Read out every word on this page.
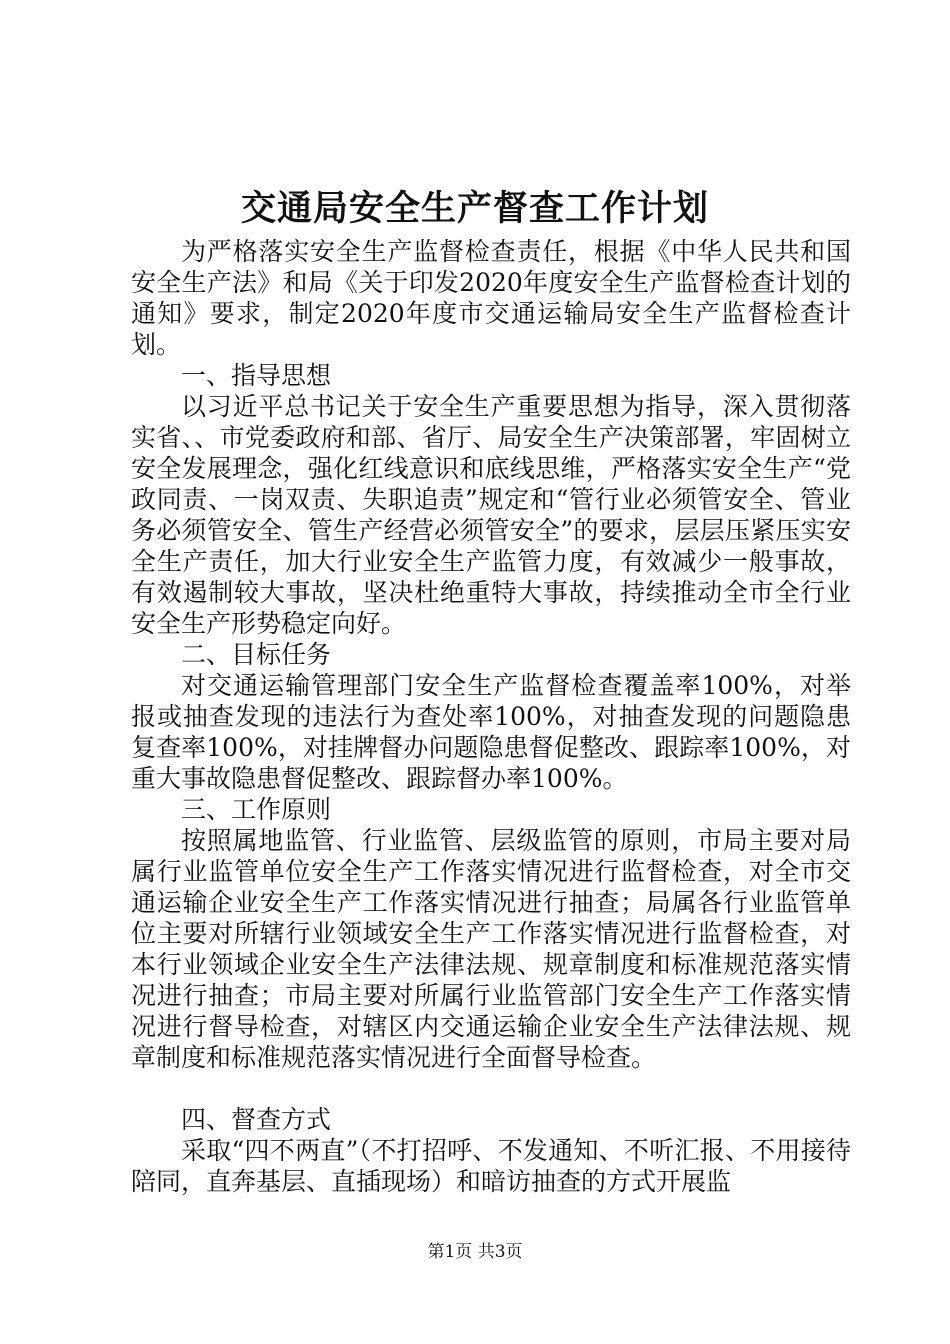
交通局安全生产督查工作计划

为严格落实安全生产监督检查责任，根据《中华人民共和国安全生产法》和局《关于印发2020年度安全生产监督检查计划的通知》要求，制定2020年度市交通运输局安全生产监督检查计划。

一、指导思想

以习近平总书记关于安全生产重要思想为指导，深入贯彻落实省、、市党委政府和部、省厅、局安全生产决策部署，牢固树立安全发展理念，强化红线意识和底线思维，严格落实安全生产“党政同责、一岗双责、失职追责”规定和“管行业必须管安全、管业务必须管安全、管生产经营必须管安全”的要求，层层压紧压实安全生产责任，加大行业安全生产监管力度，有效减少一般事故，有效遏制较大事故，坚决杜绝重特大事故，持续推动全市全行业安全生产形势稳定向好。

二、目标任务

对交通运输管理部门安全生产监督检查覆盖率100%，对举报或抽查发现的违法行为查处率100%，对抽查发现的问题隐患复查率100%，对挂牌督办问题隐患督促整改、跟踪率100%，对重大事故隐患督促整改、跟踪督办率100%。

三、工作原则

按照属地监管、行业监管、层级监管的原则，市局主要对局属行业监管单位安全生产工作落实情况进行监督检查，对全市交通运输企业安全生产工作落实情况进行抽查；局属各行业监管单位主要对所辖行业领域安全生产工作落实情况进行监督检查，对本行业领域企业安全生产法律法规、规章制度和标准规范落实情况进行抽查；市局主要对所属行业监管部门安全生产工作落实情况进行督导检查，对辖区内交通运输企业安全生产法律法规、规章制度和标准规范落实情况进行全面督导检查。

四、督查方式

采取“四不两直”（不打招呼、不发通知、不听汇报、不用接待陪同，直奔基层、直插现场）和暗访抽查的方式开展监

第1页 共3页
